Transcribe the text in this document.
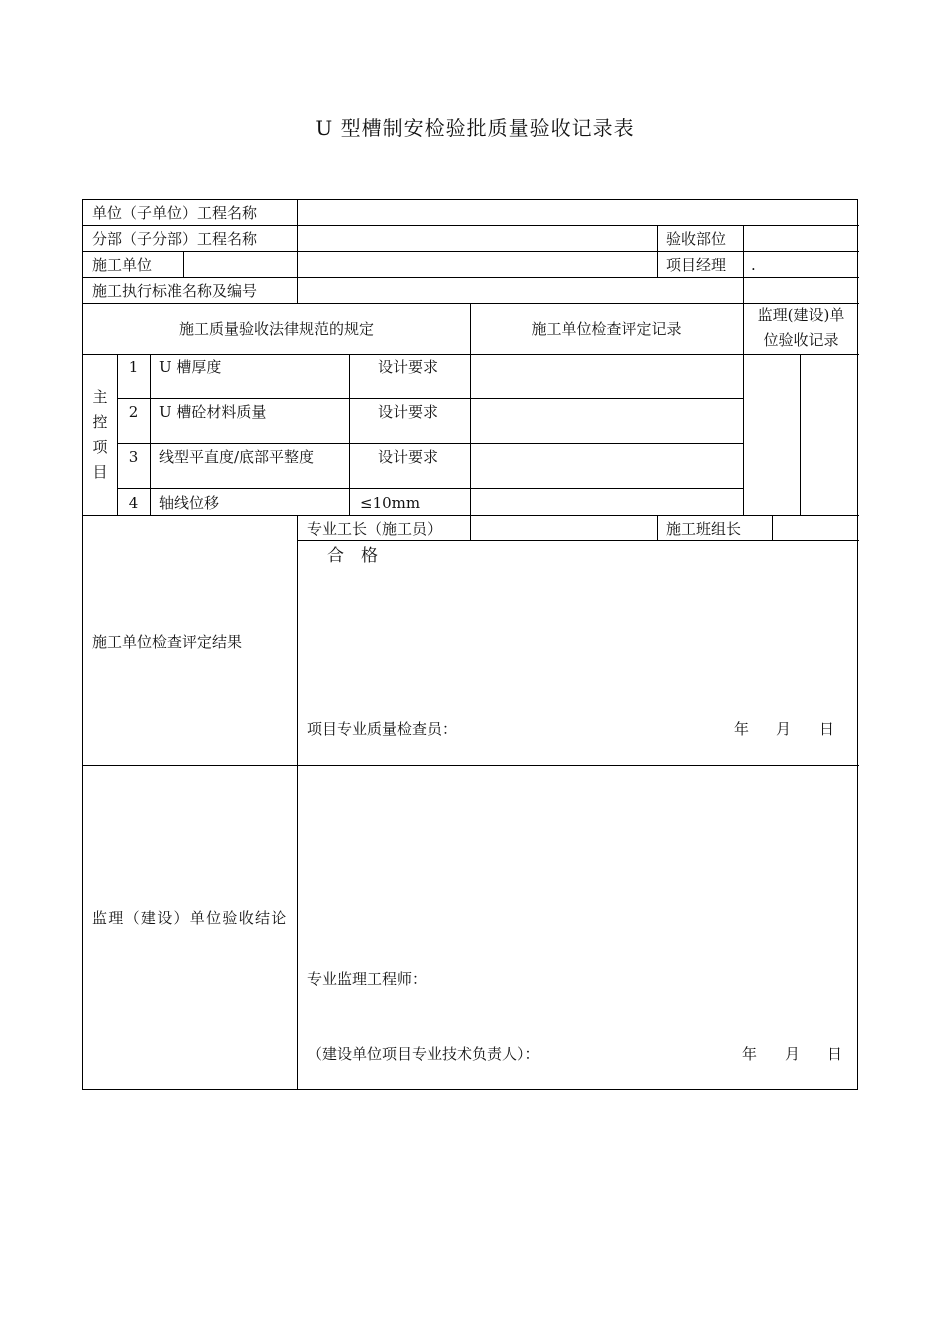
U 型槽制安检验批质量验收记录表
单位（子单位）工程名称
分部（子分部）工程名称	验收部位
施工单位	项目经理 .
施工执行标准名称及编号
施工质量验收法律规范的规定	施工单位检查评定记录
监理(建设)单
位验收记录
主
控
项
目
1	U 槽厚度	设计要求
2	U 槽砼材料质量	设计要求
3	线型平直度/底部平整度	设计要求
4	轴线位移	≤10mm
专业工长（施工员）	施工班组长
施工单位检查评定结果
合　格
项目专业质量检查员：	年 月 日
监理（建设）单位验收结论
专业监理工程师：
（建设单位项目专业技术负责人）：	年 月 日
